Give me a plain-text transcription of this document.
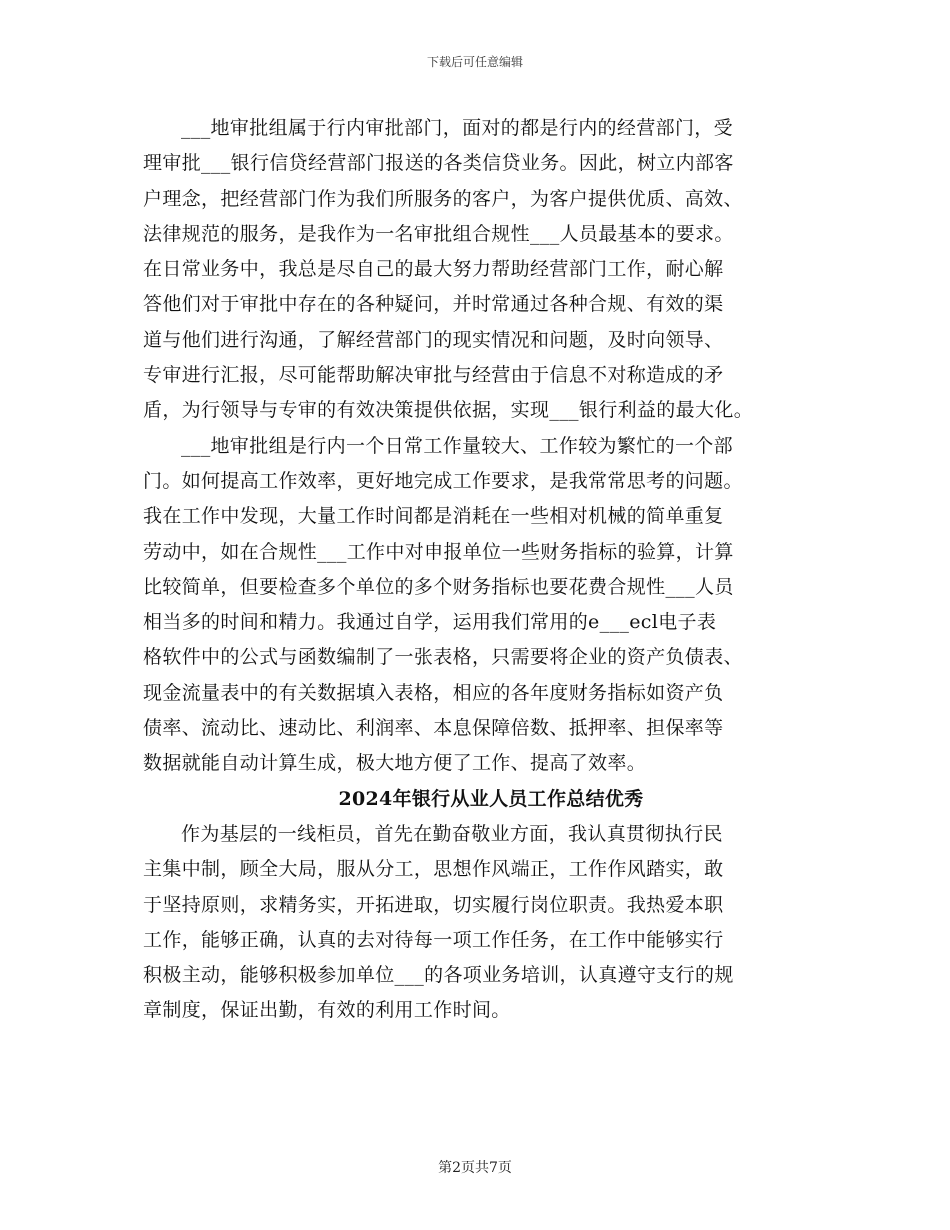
下载后可任意编辑

___地审批组属于行内审批部门，面对的都是行内的经营部门，受
理审批___银行信贷经营部门报送的各类信贷业务。因此，树立内部客
户理念，把经营部门作为我们所服务的客户，为客户提供优质、高效、
法律规范的服务，是我作为一名审批组合规性___人员最基本的要求。
在日常业务中，我总是尽自己的最大努力帮助经营部门工作，耐心解
答他们对于审批中存在的各种疑问，并时常通过各种合规、有效的渠
道与他们进行沟通，了解经营部门的现实情况和问题，及时向领导、
专审进行汇报，尽可能帮助解决审批与经营由于信息不对称造成的矛
盾，为行领导与专审的有效决策提供依据，实现___银行利益的最大化。

___地审批组是行内一个日常工作量较大、工作较为繁忙的一个部
门。如何提高工作效率，更好地完成工作要求，是我常常思考的问题。
我在工作中发现，大量工作时间都是消耗在一些相对机械的简单重复
劳动中，如在合规性___工作中对申报单位一些财务指标的验算，计算
比较简单，但要检查多个单位的多个财务指标也要花费合规性___人员
相当多的时间和精力。我通过自学，运用我们常用的e___ecl电子表
格软件中的公式与函数编制了一张表格，只需要将企业的资产负债表、
现金流量表中的有关数据填入表格，相应的各年度财务指标如资产负
债率、流动比、速动比、利润率、本息保障倍数、抵押率、担保率等
数据就能自动计算生成，极大地方便了工作、提高了效率。

2024年银行从业人员工作总结优秀

作为基层的一线柜员，首先在勤奋敬业方面，我认真贯彻执行民
主集中制，顾全大局，服从分工，思想作风端正，工作作风踏实，敢
于坚持原则，求精务实，开拓进取，切实履行岗位职责。我热爱本职
工作，能够正确，认真的去对待每一项工作任务，在工作中能够实行
积极主动，能够积极参加单位___的各项业务培训，认真遵守支行的规
章制度，保证出勤，有效的利用工作时间。

第2页共7页
